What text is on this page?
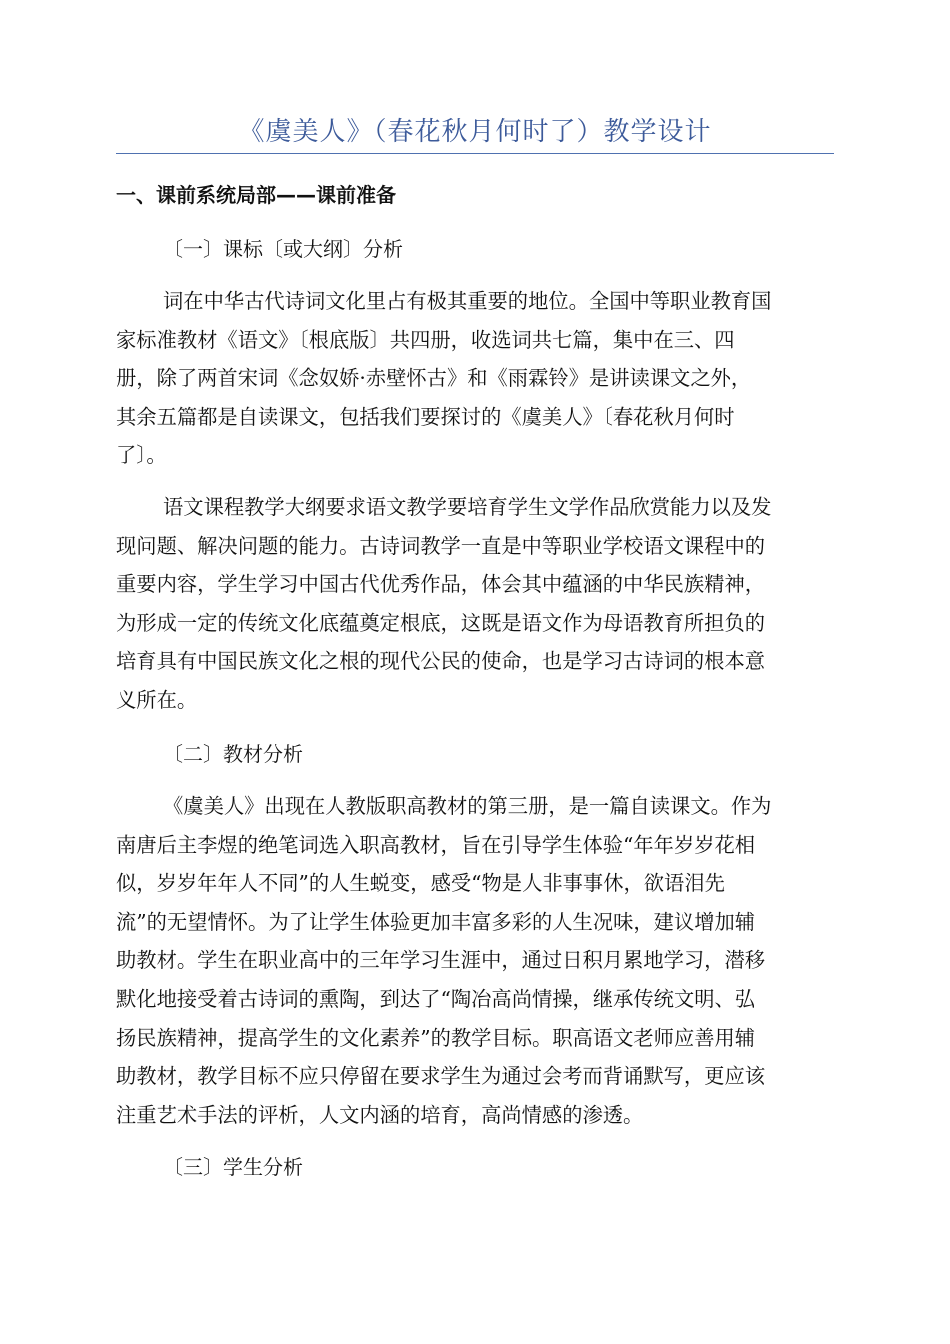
《虞美人》（春花秋月何时了）教学设计
一、课前系统局部——课前准备
〔一〕课标〔或大纲〕分析
词在中华古代诗词文化里占有极其重要的地位。全国中等职业教育国
家标准教材《语文》〔根底版〕共四册，收选词共七篇，集中在三、四
册，除了两首宋词《念奴娇·赤壁怀古》和《雨霖铃》是讲读课文之外，
其余五篇都是自读课文，包括我们要探讨的《虞美人》〔春花秋月何时
了〕。
语文课程教学大纲要求语文教学要培育学生文学作品欣赏能力以及发
现问题、解决问题的能力。古诗词教学一直是中等职业学校语文课程中的
重要内容，学生学习中国古代优秀作品，体会其中蕴涵的中华民族精神，
为形成一定的传统文化底蕴奠定根底，这既是语文作为母语教育所担负的
培育具有中国民族文化之根的现代公民的使命，也是学习古诗词的根本意
义所在。
〔二〕教材分析
《虞美人》出现在人教版职高教材的第三册，是一篇自读课文。作为
南唐后主李煜的绝笔词选入职高教材，旨在引导学生体验“年年岁岁花相
似，岁岁年年人不同”的人生蜕变，感受“物是人非事事休，欲语泪先
流”的无望情怀。为了让学生体验更加丰富多彩的人生况味，建议增加辅
助教材。学生在职业高中的三年学习生涯中，通过日积月累地学习，潜移
默化地接受着古诗词的熏陶，到达了“陶冶高尚情操，继承传统文明、弘
扬民族精神，提高学生的文化素养”的教学目标。职高语文老师应善用辅
助教材，教学目标不应只停留在要求学生为通过会考而背诵默写，更应该
注重艺术手法的评析，人文内涵的培育，高尚情感的渗透。
〔三〕学生分析
